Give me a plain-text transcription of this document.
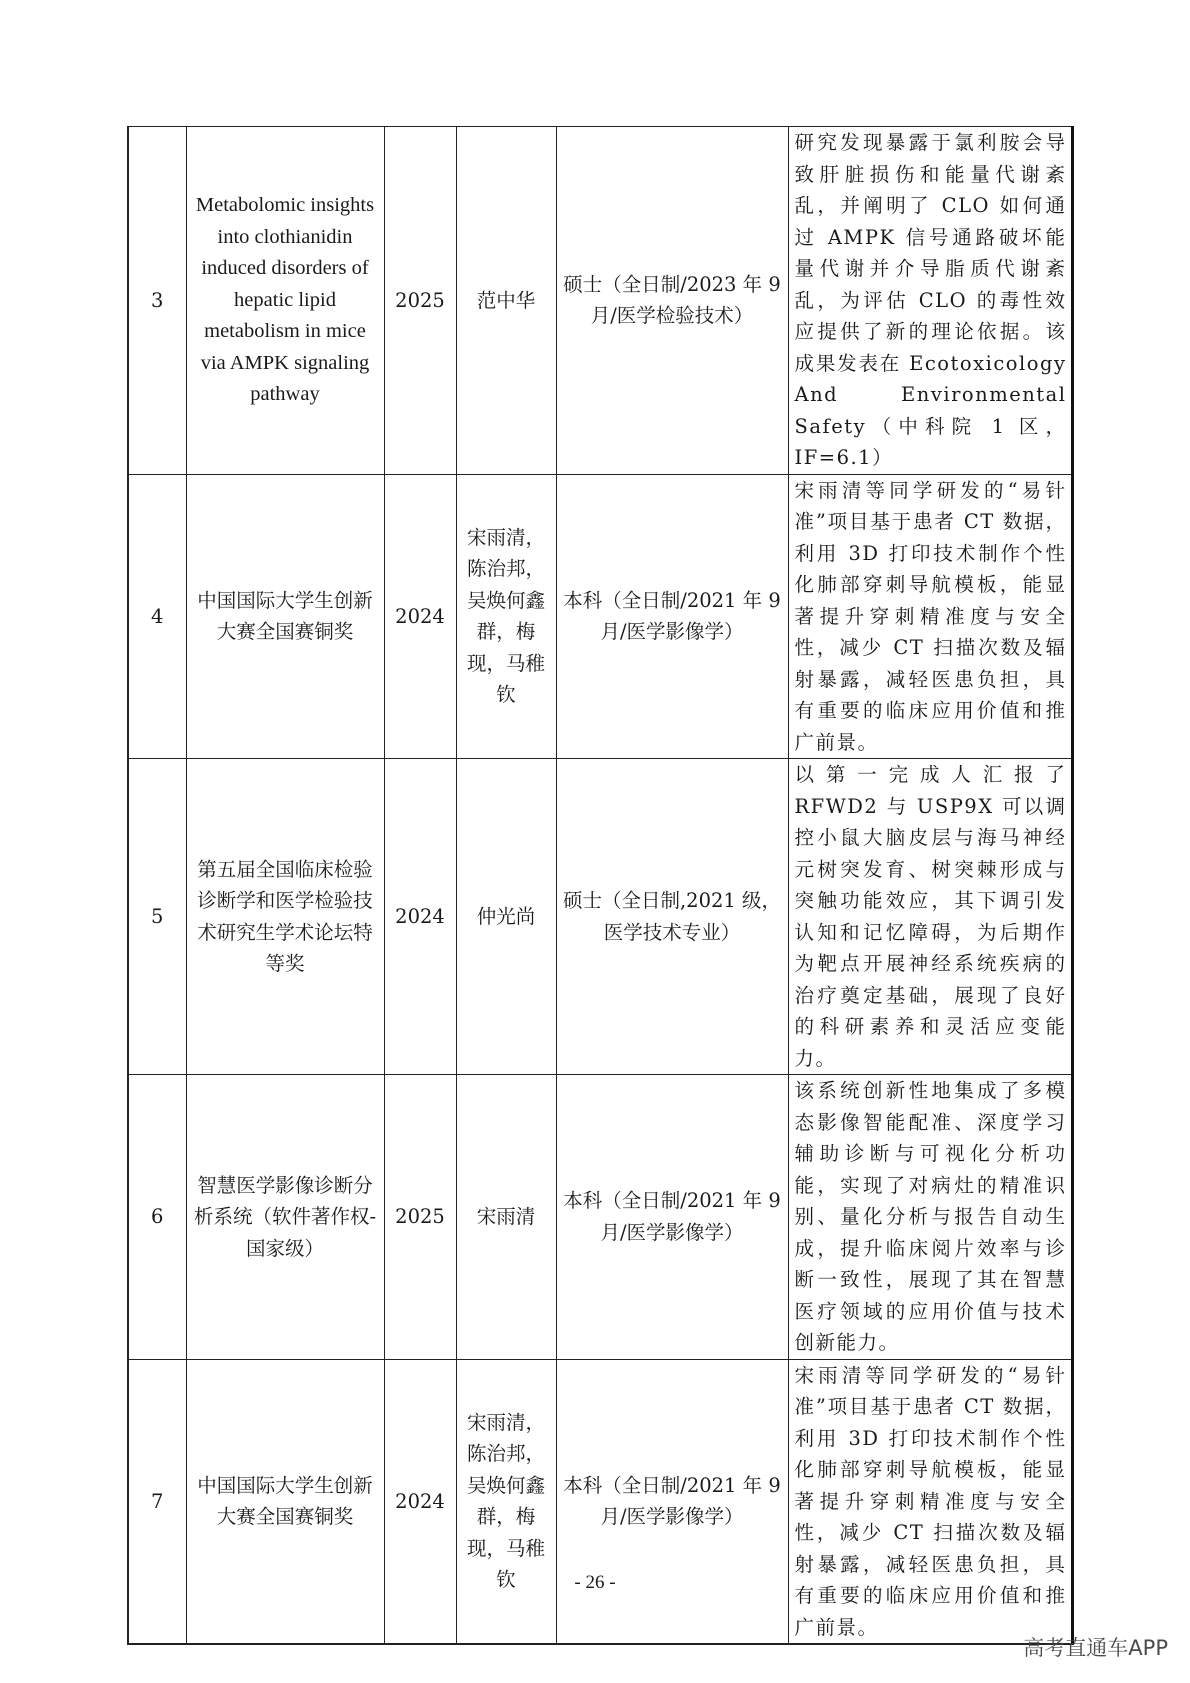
3	Metabolomic insights into clothianidin induced disorders of hepatic lipid metabolism in mice via AMPK signaling pathway	2025	范中华	硕士（全日制/2023 年 9月/医学检验技术）	研究发现暴露于氯利胺会导致肝脏损伤和能量代谢紊乱，并阐明了 CLO 如何通过 AMPK 信号通路破坏能量代谢并介导脂质代谢紊乱，为评估 CLO 的毒性效应提供了新的理论依据。该成果发表在 Ecotoxicology And Environmental Safety（中科院 1 区，IF=6.1）
4	中国国际大学生创新大赛全国赛铜奖	2024	宋雨清，陈治邦，吴焕何鑫群，梅现，马稚钦	本科（全日制/2021 年 9月/医学影像学）	宋雨清等同学研发的“易针准”项目基于患者 CT 数据，利用 3D 打印技术制作个性化肺部穿刺导航模板，能显著提升穿刺精准度与安全性，减少 CT 扫描次数及辐射暴露，减轻医患负担，具有重要的临床应用价值和推广前景。
5	第五届全国临床检验诊断学和医学检验技术研究生学术论坛特等奖	2024	仲光尚	硕士（全日制,2021 级，医学技术专业）	以第一完成人汇报了 RFWD2 与 USP9X 可以调控小鼠大脑皮层与海马神经元树突发育、树突棘形成与突触功能效应，其下调引发认知和记忆障碍，为后期作为靶点开展神经系统疾病的治疗奠定基础，展现了良好的科研素养和灵活应变能力。
6	智慧医学影像诊断分析系统（软件著作权-国家级）	2025	宋雨清	本科（全日制/2021 年 9月/医学影像学）	该系统创新性地集成了多模态影像智能配准、深度学习辅助诊断与可视化分析功能，实现了对病灶的精准识别、量化分析与报告自动生成，提升临床阅片效率与诊断一致性，展现了其在智慧医疗领域的应用价值与技术创新能力。
7	中国国际大学生创新大赛全国赛铜奖	2024	宋雨清，陈治邦，吴焕何鑫群，梅现，马稚钦	本科（全日制/2021 年 9月/医学影像学）	宋雨清等同学研发的“易针准”项目基于患者 CT 数据，利用 3D 打印技术制作个性化肺部穿刺导航模板，能显著提升穿刺精准度与安全性，减少 CT 扫描次数及辐射暴露，减轻医患负担，具有重要的临床应用价值和推广前景。
- 26 -
高考直通车APP
